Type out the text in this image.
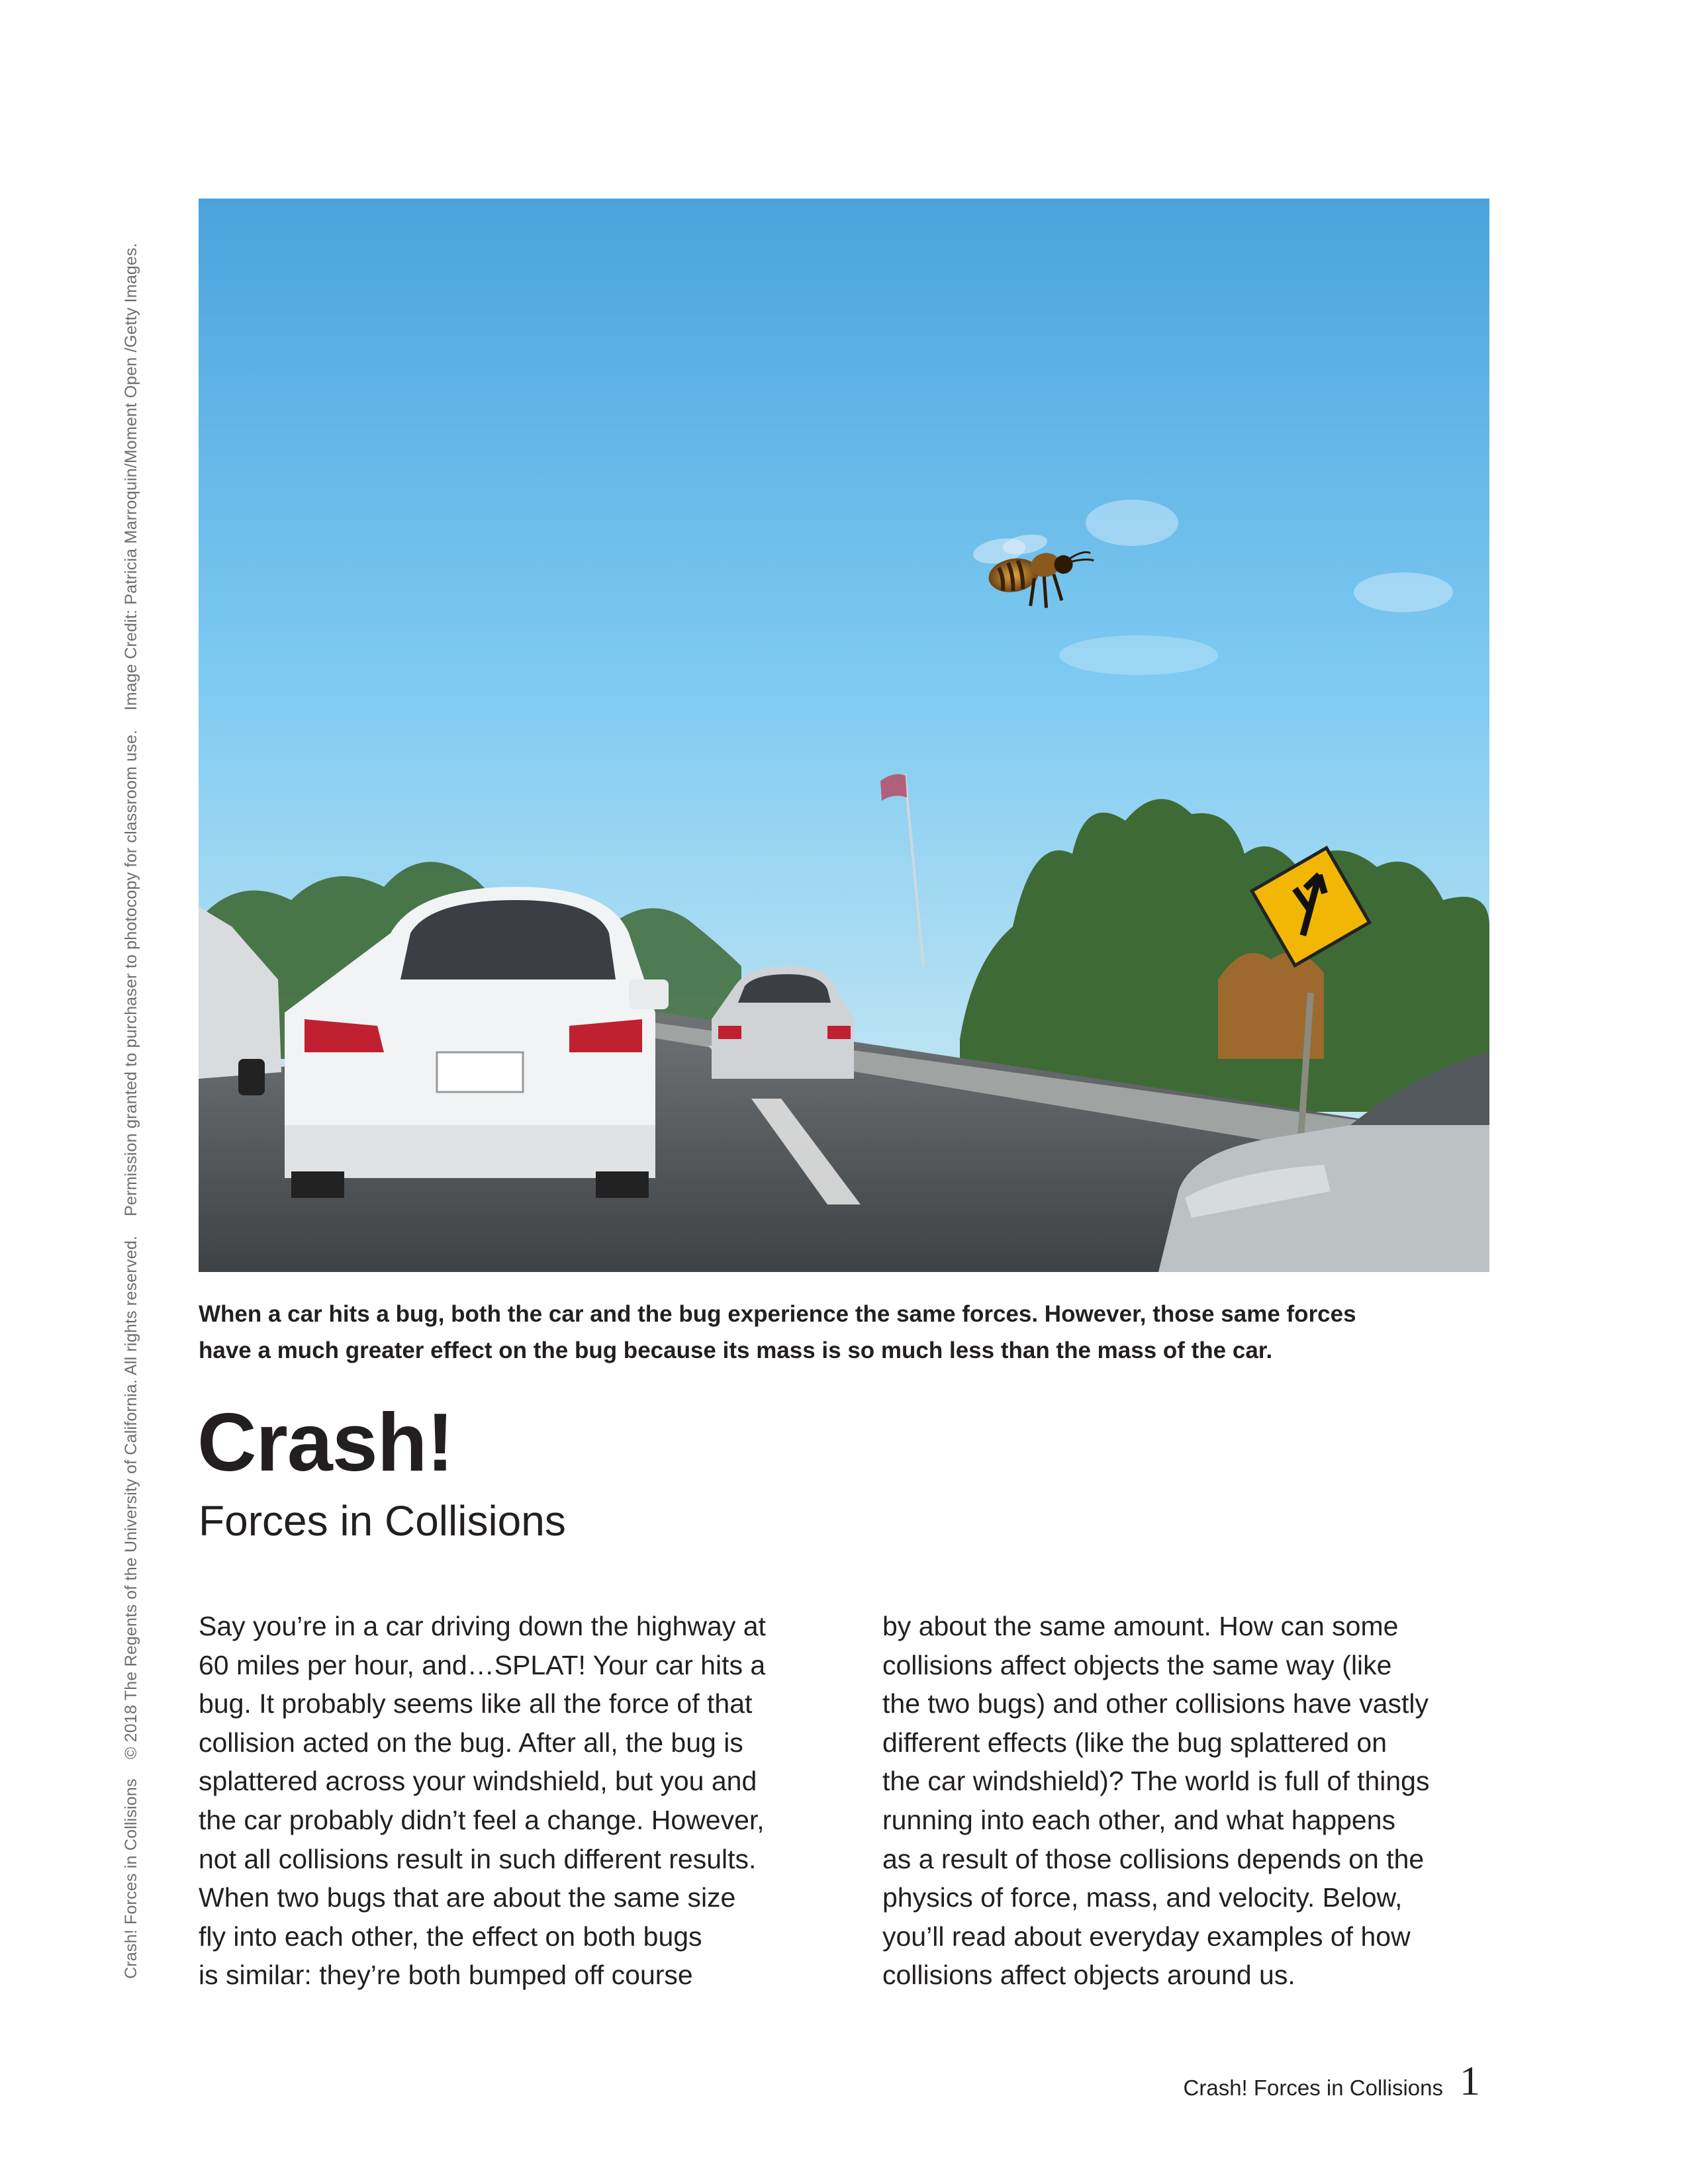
Crash! Forces in Collisions © 2018 The Regents of the University of California. All rights reserved. Permission granted to purchaser to photocopy for classroom use. Image Credit: Patricia Marroquin/Moment Open /Getty Images.
When a car hits a bug, both the car and the bug experience the same forces. However, those same forces
have a much greater effect on the bug because its mass is so much less than the mass of the car.
Crash!
Forces in Collisions
Say you’re in a car driving down the highway at
60 miles per hour, and…SPLAT! Your car hits a
bug. It probably seems like all the force of that
collision acted on the bug. After all, the bug is
splattered across your windshield, but you and
the car probably didn’t feel a change. However,
not all collisions result in such different results.
When two bugs that are about the same size
fly into each other, the effect on both bugs
is similar: they’re both bumped off course
by about the same amount. How can some
collisions affect objects the same way (like
the two bugs) and other collisions have vastly
different effects (like the bug splattered on
the car windshield)? The world is full of things
running into each other, and what happens
as a result of those collisions depends on the
physics of force, mass, and velocity. Below,
you’ll read about everyday examples of how
collisions affect objects around us.
Crash! Forces in Collisions 1
